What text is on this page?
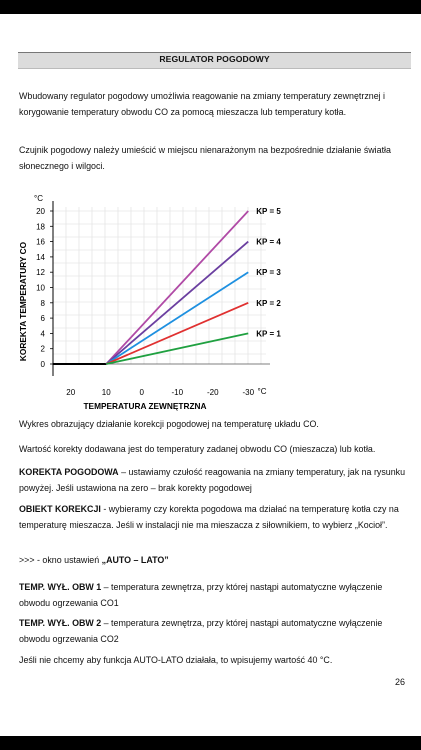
REGULATOR POGODOWY
Wbudowany regulator pogodowy umożliwia reagowanie na zmiany temperatury zewnętrznej i korygowanie temperatury obwodu CO za pomocą mieszacza lub temperatury kotła.
Czujnik pogodowy należy umieścić w miejscu nienarażonym na bezpośrednie działanie światła słonecznego i wilgoci.
0
2
4
6
8
10
12
14
16
18
20
°C
20	10	0	-10	-20	-30 °C
TEMPERATURA ZEWNĘTRZNA
KOREKTA TEMPERATURY CO
KP = 5
KP = 4
KP = 3
KP = 2
KP = 1
Wykres obrazujący działanie korekcji pogodowej na temperaturę układu CO.
Wartość korekty dodawana jest do temperatury zadanej obwodu CO (mieszacza) lub kotła.
KOREKTA POGODOWA – ustawiamy czułość reagowania na zmiany temperatury, jak na rysunku powyżej. Jeśli ustawiona na zero – brak korekty pogodowej
OBIEKT KOREKCJI - wybieramy czy korekta pogodowa ma działać na temperaturę kotła czy na temperaturę mieszacza. Jeśli w instalacji nie ma mieszacza z siłownikiem, to wybierz „Kocioł”.
>>> - okno ustawień „AUTO – LATO”
TEMP. WYŁ. OBW 1 – temperatura zewnętrza, przy której nastąpi automatyczne wyłączenie obwodu ogrzewania CO1
TEMP. WYŁ. OBW 2 – temperatura zewnętrza, przy której nastąpi automatyczne wyłączenie obwodu ogrzewania CO2
Jeśli nie chcemy aby funkcja AUTO-LATO działała, to wpisujemy wartość 40 °C.
26
